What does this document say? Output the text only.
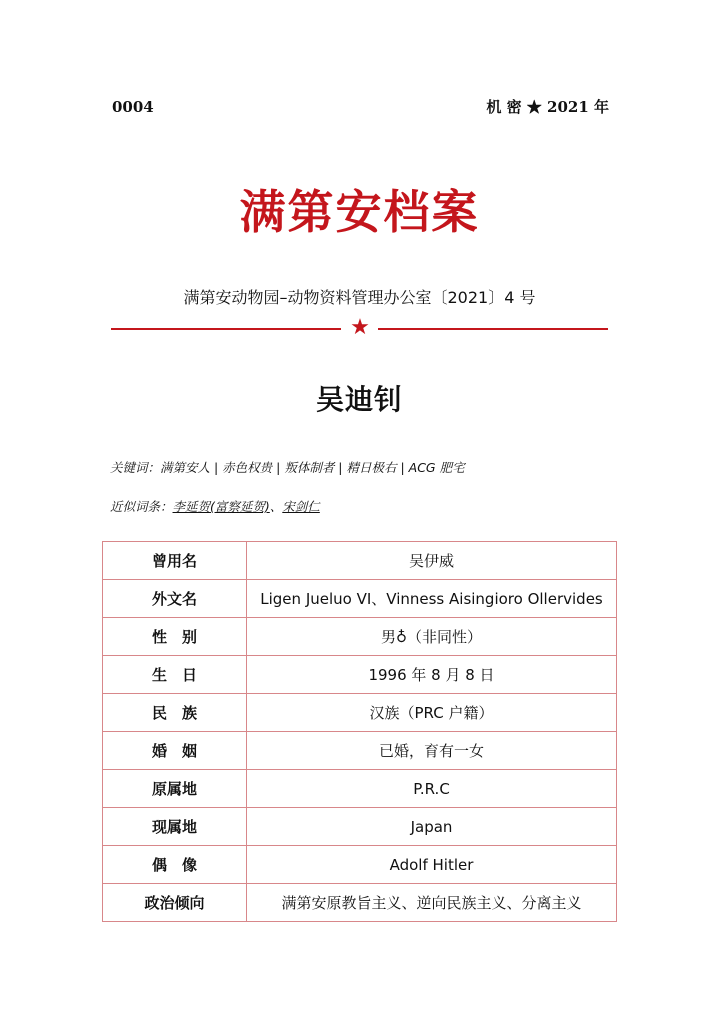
0004	机 密 ★ 2021 年
满第安档案
满第安动物园–动物资料管理办公室〔2021〕4 号
★
吴迪钊
关键词：满第安人 | 赤色权贵 | 叛体制者 | 精日极右 | ACG 肥宅
近似词条：李延贺(富察延贺)、宋剑仁
曾用名	吴伊威
外文名	Ligen Jueluo VI、Vinness Aisingioro Ollervides
性　别	男♁（非同性）
生　日	1996 年 8 月 8 日
民　族	汉族（PRC 户籍）
婚　姻	已婚，育有一女
原属地	P.R.C
现属地	Japan
偶　像	Adolf Hitler
政治倾向	满第安原教旨主义、逆向民族主义、分离主义
